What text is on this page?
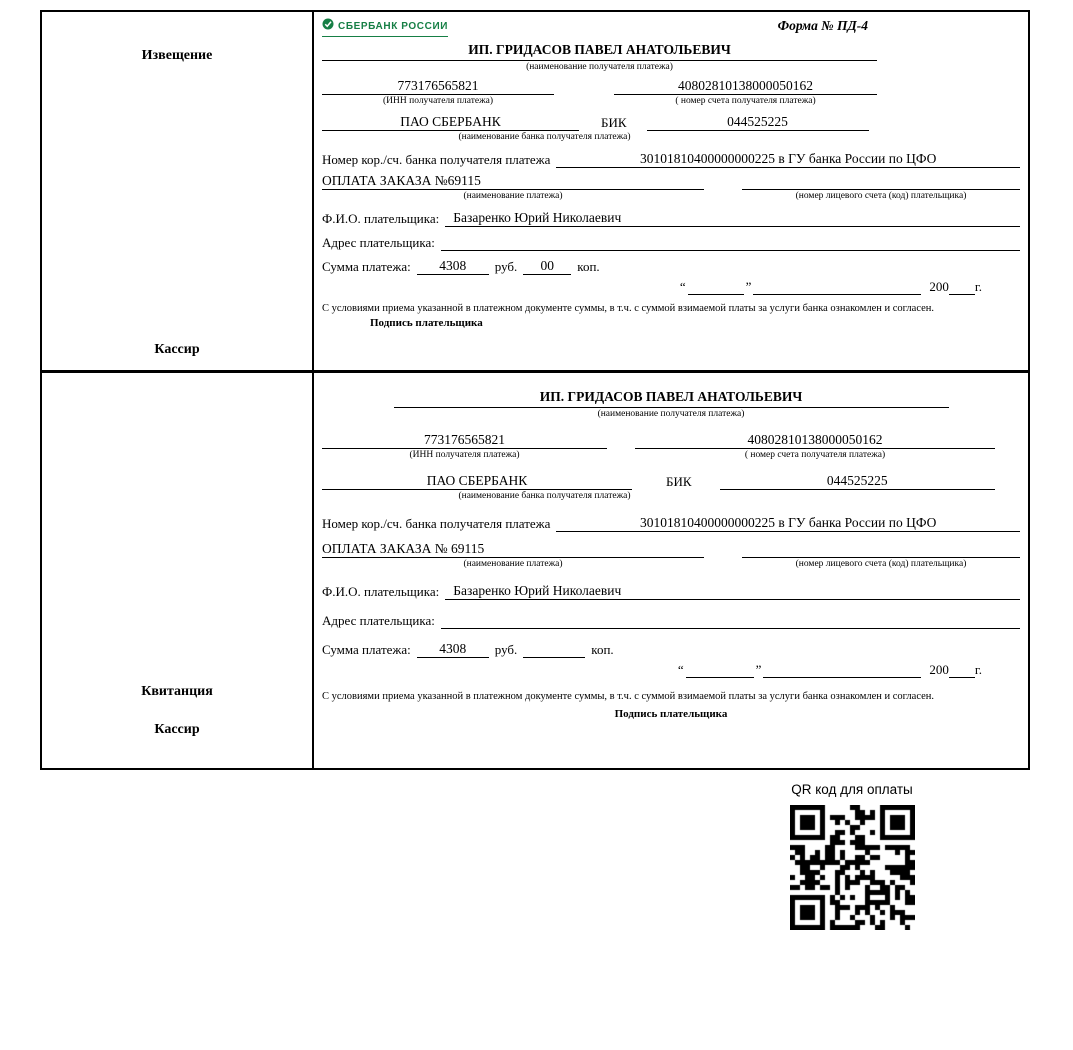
Извещение
Кассир
СБЕРБАНК РОССИИ	Форма № ПД-4
ИП. ГРИДАСОВ ПАВЕЛ АНАТОЛЬЕВИЧ
(наименование получателя платежа)
773176565821	40802810138000050162
(ИНН получателя платежа)	( номер счета получателя платежа)
ПАО СБЕРБАНК	БИК	044525225
(наименование банка получателя платежа)
Номер кор./сч. банка получателя платежа	30101810400000000225 в ГУ банка России по ЦФО
ОПЛАТА ЗАКАЗА №69115
(наименование платежа)	(номер лицевого счета (код) плательщика)
Ф.И.О. плательщика:	Базаренко Юрий Николаевич
Адрес плательщика:
Сумма платежа:	4308	руб.	00	коп.
“	”	200 г.
С условиями приема указанной в платежном документе суммы, в т.ч. с суммой взимаемой платы за услуги банка ознакомлен и согласен. Подпись плательщика
Квитанция
Кассир
ИП. ГРИДАСОВ ПАВЕЛ АНАТОЛЬЕВИЧ
(наименование получателя платежа)
773176565821	40802810138000050162
(ИНН получателя платежа)	( номер счета получателя платежа)
ПАО СБЕРБАНК	БИК	044525225
(наименование банка получателя платежа)
Номер кор./сч. банка получателя платежа	30101810400000000225 в ГУ банка России по ЦФО
ОПЛАТА ЗАКАЗА № 69115
(наименование платежа)	(номер лицевого счета (код) плательщика)
Ф.И.О. плательщика:	Базаренко Юрий Николаевич
Адрес плательщика:
Сумма платежа:	4308	руб.	коп.
“	”	200 г.
С условиями приема указанной в платежном документе суммы, в т.ч. с суммой взимаемой платы за услуги банка ознакомлен и согласен.
Подпись плательщика
QR код для оплаты
